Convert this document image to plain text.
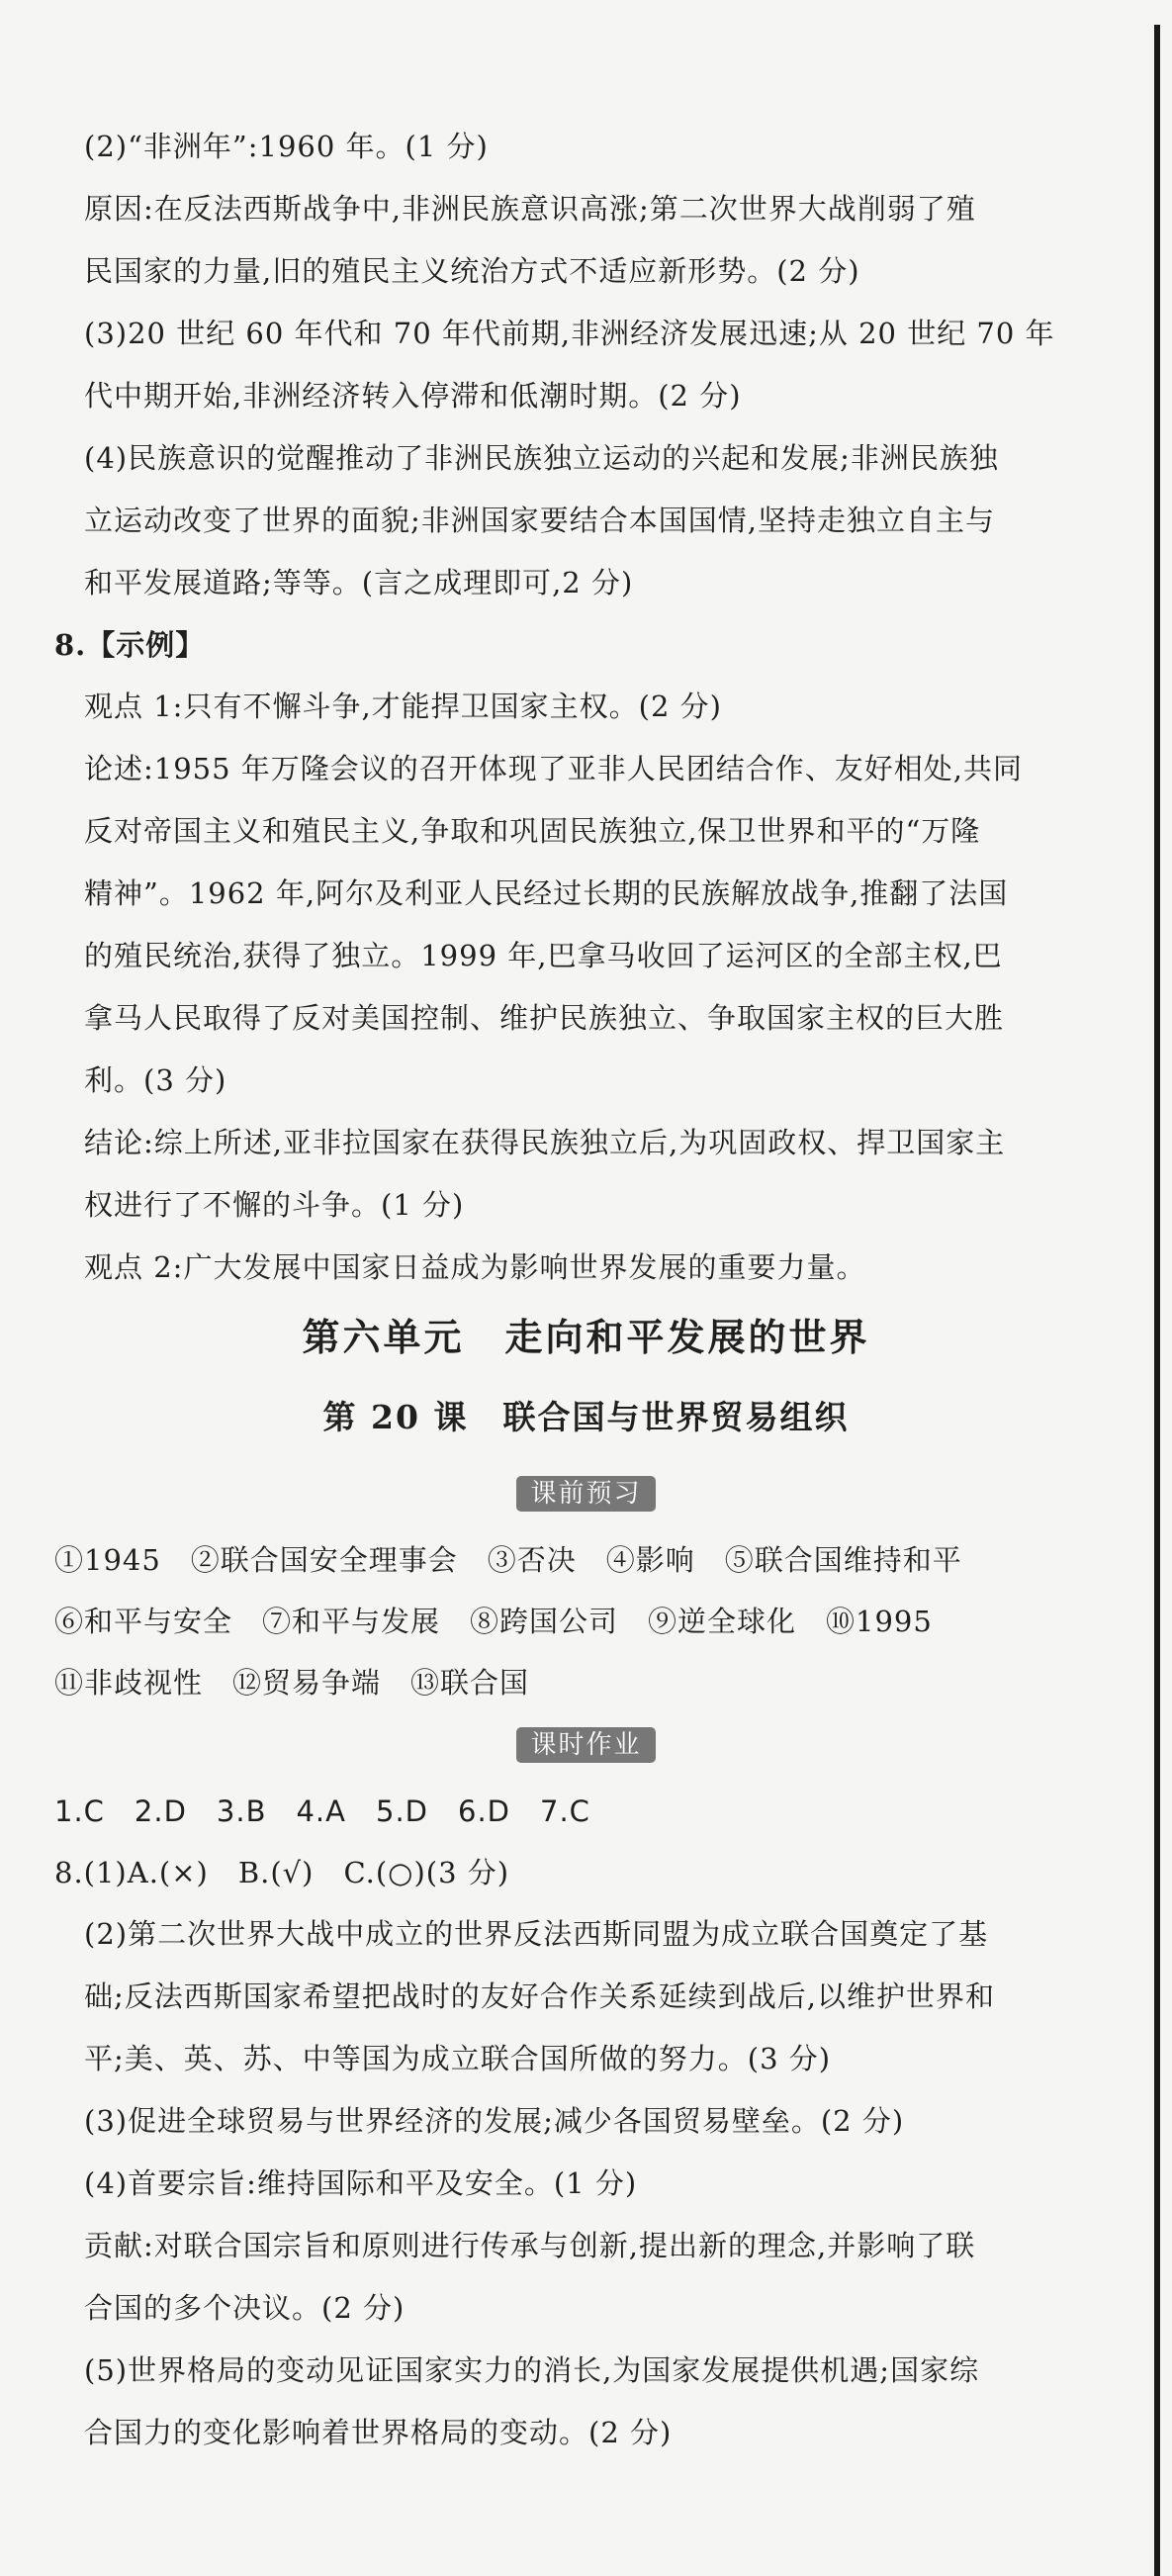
(2)“非洲年”:1960 年。(1 分)
原因:在反法西斯战争中,非洲民族意识高涨;第二次世界大战削弱了殖
民国家的力量,旧的殖民主义统治方式不适应新形势。(2 分)
(3)20 世纪 60 年代和 70 年代前期,非洲经济发展迅速;从 20 世纪 70 年
代中期开始,非洲经济转入停滞和低潮时期。(2 分)
(4)民族意识的觉醒推动了非洲民族独立运动的兴起和发展;非洲民族独
立运动改变了世界的面貌;非洲国家要结合本国国情,坚持走独立自主与
和平发展道路;等等。(言之成理即可,2 分)
8.【示例】
观点 1:只有不懈斗争,才能捍卫国家主权。(2 分)
论述:1955 年万隆会议的召开体现了亚非人民团结合作、友好相处,共同
反对帝国主义和殖民主义,争取和巩固民族独立,保卫世界和平的“万隆
精神”。1962 年,阿尔及利亚人民经过长期的民族解放战争,推翻了法国
的殖民统治,获得了独立。1999 年,巴拿马收回了运河区的全部主权,巴
拿马人民取得了反对美国控制、维护民族独立、争取国家主权的巨大胜
利。(3 分)
结论:综上所述,亚非拉国家在获得民族独立后,为巩固政权、捍卫国家主
权进行了不懈的斗争。(1 分)
观点 2:广大发展中国家日益成为影响世界发展的重要力量。
第六单元　走向和平发展的世界
第 20 课　联合国与世界贸易组织
课前预习
①1945　②联合国安全理事会　③否决　④影响　⑤联合国维持和平
⑥和平与安全　⑦和平与发展　⑧跨国公司　⑨逆全球化　⑩1995
⑪非歧视性　⑫贸易争端　⑬联合国
课时作业
1.C　2.D　3.B　4.A　5.D　6.D　7.C
8.(1)A.(×)　B.(√)　C.(○)(3 分)
(2)第二次世界大战中成立的世界反法西斯同盟为成立联合国奠定了基
础;反法西斯国家希望把战时的友好合作关系延续到战后,以维护世界和
平;美、英、苏、中等国为成立联合国所做的努力。(3 分)
(3)促进全球贸易与世界经济的发展;减少各国贸易壁垒。(2 分)
(4)首要宗旨:维持国际和平及安全。(1 分)
贡献:对联合国宗旨和原则进行传承与创新,提出新的理念,并影响了联
合国的多个决议。(2 分)
(5)世界格局的变动见证国家实力的消长,为国家发展提供机遇;国家综
合国力的变化影响着世界格局的变动。(2 分)
